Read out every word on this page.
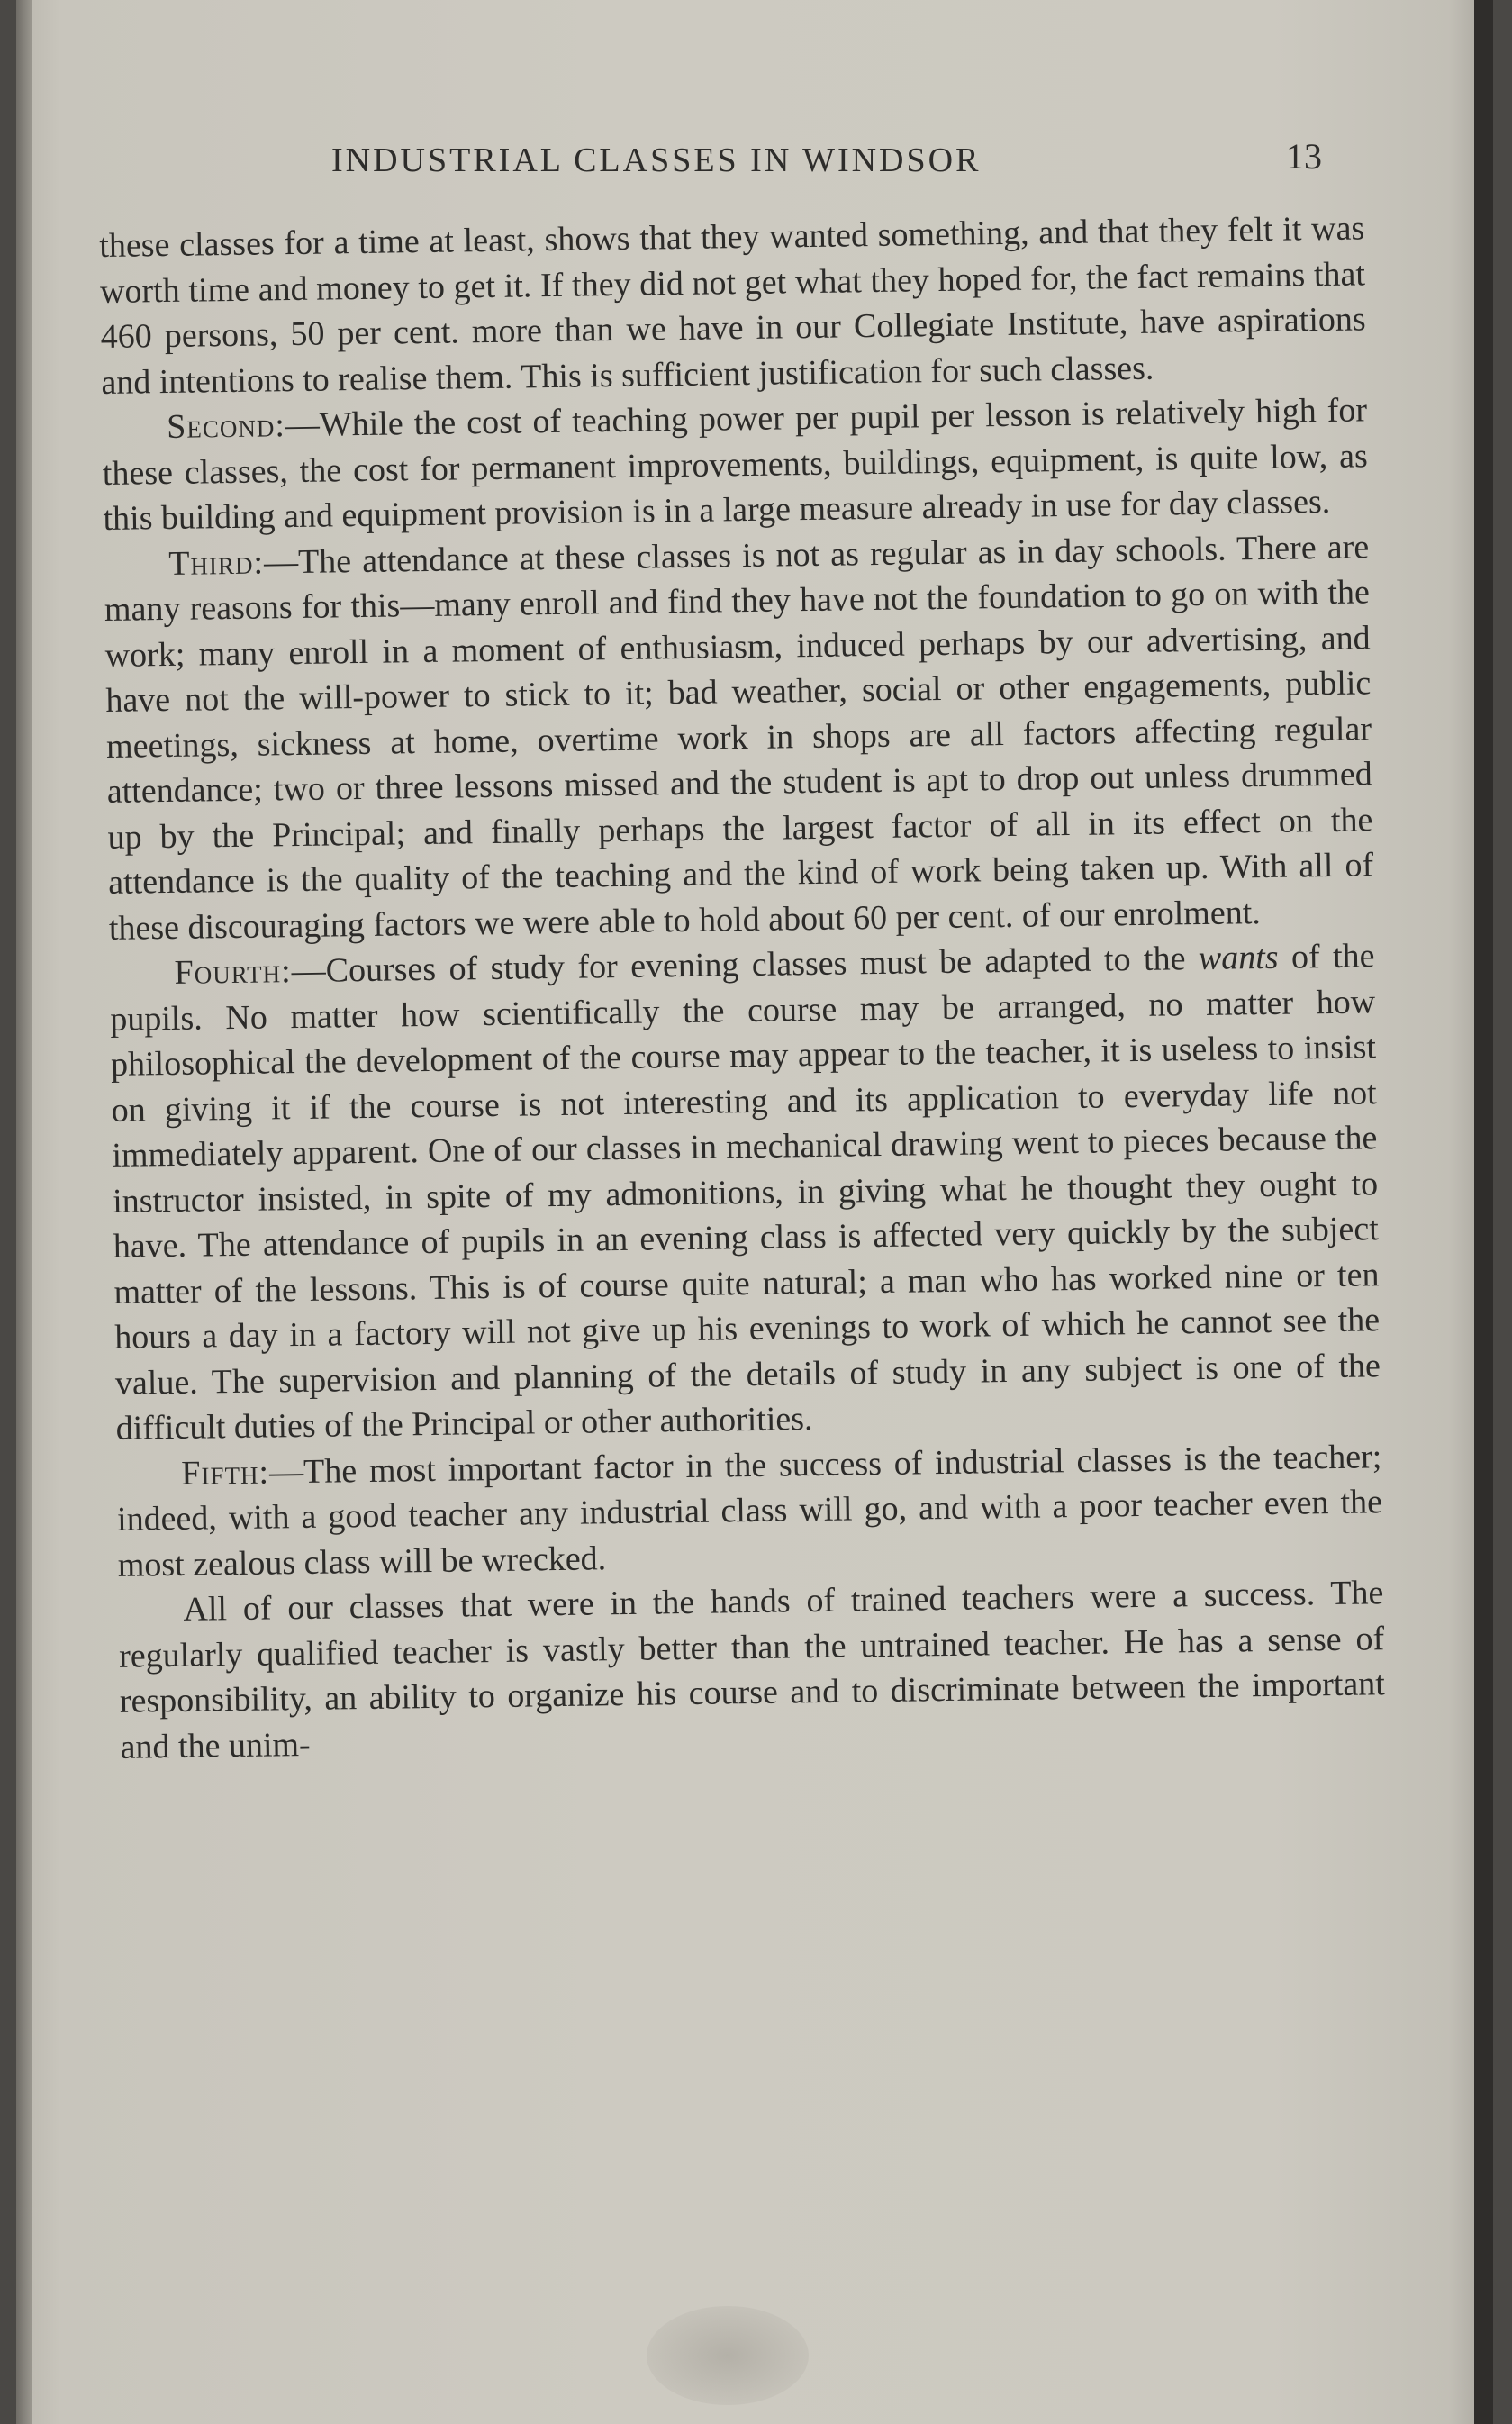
INDUSTRIAL CLASSES IN WINDSOR	13

these classes for a time at least, shows that they wanted something, and that they felt it was worth time and money to get it. If they did not get what they hoped for, the fact remains that 460 persons, 50 per cent. more than we have in our Collegiate Institute, have aspirations and intentions to realise them. This is sufficient justification for such classes.

Second:—While the cost of teaching power per pupil per lesson is relatively high for these classes, the cost for permanent improvements, buildings, equipment, is quite low, as this building and equipment provision is in a large measure already in use for day classes.

Third:—The attendance at these classes is not as regular as in day schools. There are many reasons for this—many enroll and find they have not the foundation to go on with the work; many enroll in a moment of enthusiasm, induced perhaps by our advertising, and have not the will-power to stick to it; bad weather, social or other engagements, public meetings, sickness at home, overtime work in shops are all factors affecting regular attendance; two or three lessons missed and the student is apt to drop out unless drummed up by the Principal; and finally perhaps the largest factor of all in its effect on the attendance is the quality of the teaching and the kind of work being taken up. With all of these discouraging factors we were able to hold about 60 per cent. of our enrolment.

Fourth:—Courses of study for evening classes must be adapted to the wants of the pupils. No matter how scientifically the course may be arranged, no matter how philosophical the development of the course may appear to the teacher, it is useless to insist on giving it if the course is not interesting and its application to everyday life not immediately apparent. One of our classes in mechanical drawing went to pieces because the instructor insisted, in spite of my admonitions, in giving what he thought they ought to have. The attendance of pupils in an evening class is affected very quickly by the subject matter of the lessons. This is of course quite natural; a man who has worked nine or ten hours a day in a factory will not give up his evenings to work of which he cannot see the value. The supervision and planning of the details of study in any subject is one of the difficult duties of the Principal or other authorities.

Fifth:—The most important factor in the success of industrial classes is the teacher; indeed, with a good teacher any industrial class will go, and with a poor teacher even the most zealous class will be wrecked.

All of our classes that were in the hands of trained teachers were a success. The regularly qualified teacher is vastly better than the untrained teacher. He has a sense of responsibility, an ability to organize his course and to discriminate between the important and the unim-
